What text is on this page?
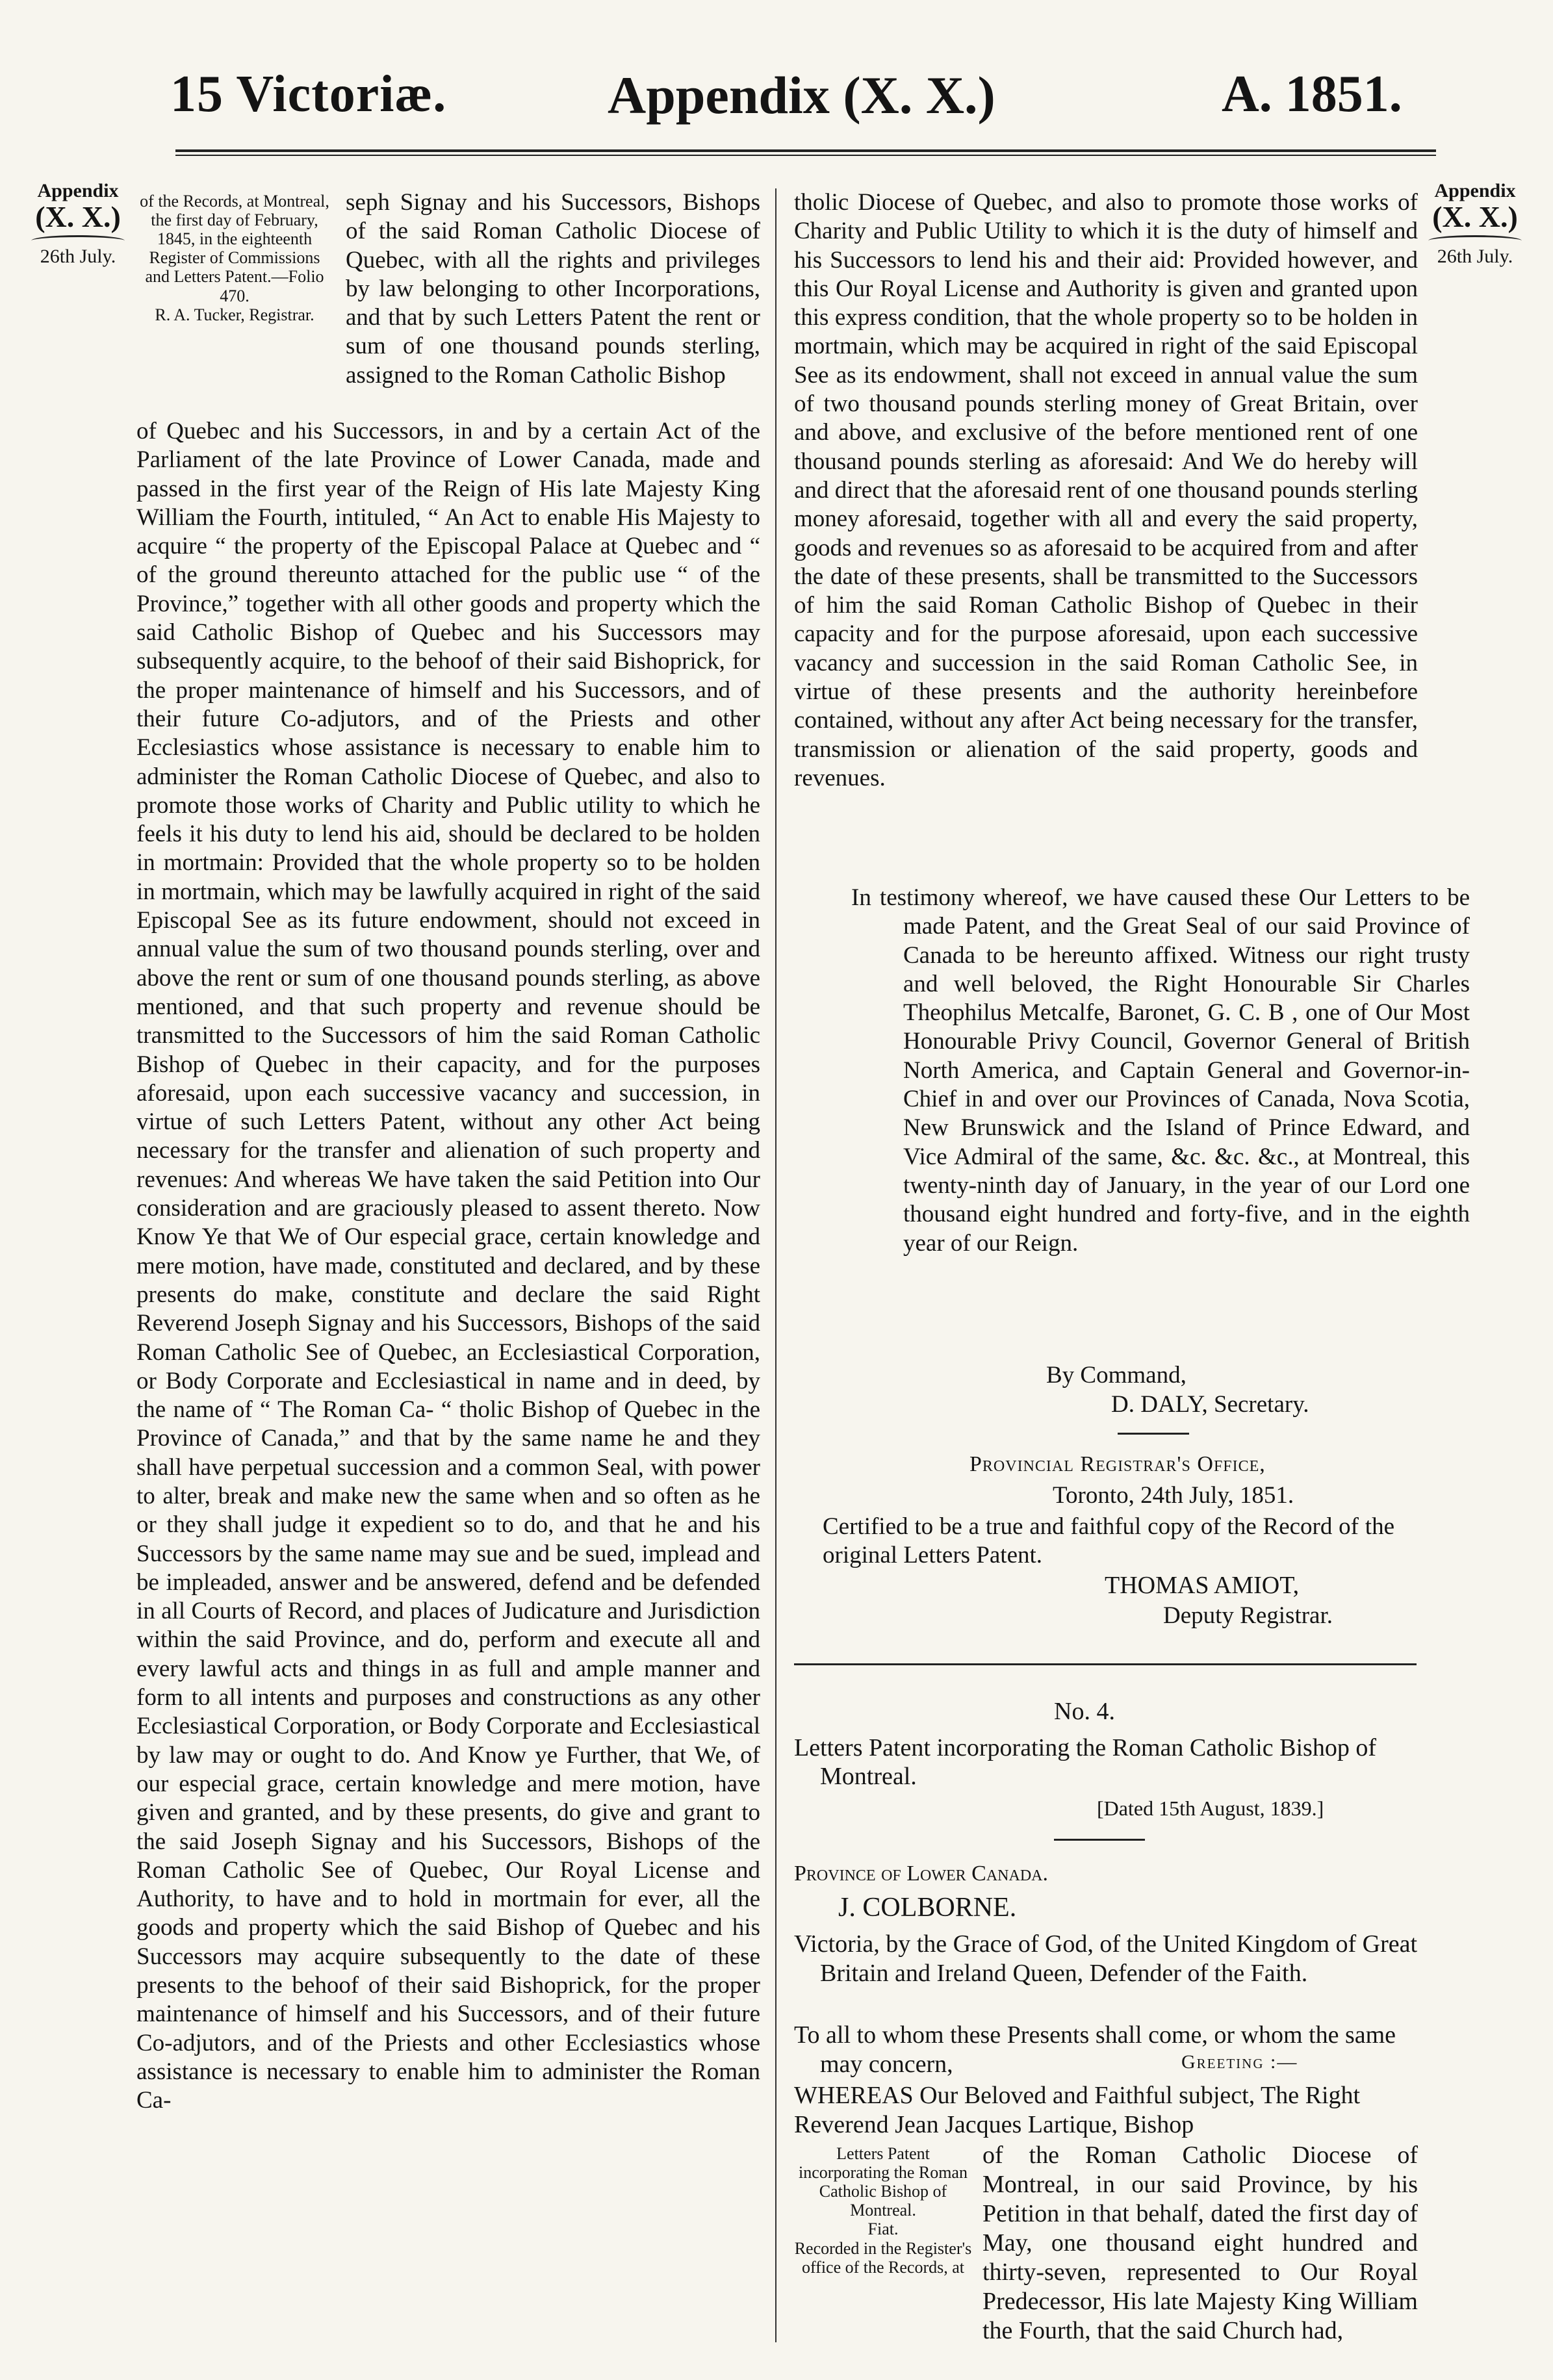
15 Victoriæ.	Appendix (X. X.)	A. 1851.
Appendix
(X. X.)
26th July.
Appendix
(X. X.)
26th July.
of the Records, at Montreal, the first day of February, 1845, in the eighteenth Register of Commissions and Letters Patent.—Folio 470.
R. A. Tucker, Registrar.
seph Signay and his Successors, Bishops of the said Roman Catholic Diocese of Quebec, with all the rights and privileges by law belonging to other Incorporations, and that by such Letters Patent the rent or sum of one thousand pounds sterling, assigned to the Roman Catholic Bishop
of Quebec and his Successors, in and by a certain Act of the Parliament of the late Province of Lower Canada, made and passed in the first year of the Reign of His late Majesty King William the Fourth, intituled, “ An Act to enable His Majesty to acquire “ the property of the Episcopal Palace at Quebec and “ of the ground thereunto attached for the public use “ of the Province,” together with all other goods and property which the said Catholic Bishop of Quebec and his Successors may subsequently acquire, to the behoof of their said Bishoprick, for the proper maintenance of himself and his Successors, and of their future Co-adjutors, and of the Priests and other Ecclesiastics whose assistance is necessary to enable him to administer the Roman Catholic Diocese of Quebec, and also to promote those works of Charity and Public utility to which he feels it his duty to lend his aid, should be declared to be holden in mortmain: Provided that the whole property so to be holden in mortmain, which may be lawfully acquired in right of the said Episcopal See as its future endowment, should not exceed in annual value the sum of two thousand pounds sterling, over and above the rent or sum of one thousand pounds sterling, as above mentioned, and that such property and revenue should be transmitted to the Successors of him the said Roman Catholic Bishop of Quebec in their capacity, and for the purposes aforesaid, upon each successive vacancy and succession, in virtue of such Letters Patent, without any other Act being necessary for the transfer and alienation of such property and revenues: And whereas We have taken the said Petition into Our consideration and are graciously pleased to assent thereto. Now Know Ye that We of Our especial grace, certain knowledge and mere motion, have made, constituted and declared, and by these presents do make, constitute and declare the said Right Reverend Joseph Signay and his Successors, Bishops of the said Roman Catholic See of Quebec, an Ecclesiastical Corporation, or Body Corporate and Ecclesiastical in name and in deed, by the name of “ The Roman Ca- “ tholic Bishop of Quebec in the Province of Canada,” and that by the same name he and they shall have perpetual succession and a common Seal, with power to alter, break and make new the same when and so often as he or they shall judge it expedient so to do, and that he and his Successors by the same name may sue and be sued, implead and be impleaded, answer and be answered, defend and be defended in all Courts of Record, and places of Judicature and Jurisdiction within the said Province, and do, perform and execute all and every lawful acts and things in as full and ample manner and form to all intents and purposes and constructions as any other Ecclesiastical Corporation, or Body Corporate and Ecclesiastical by law may or ought to do. And Know ye Further, that We, of our especial grace, certain knowledge and mere motion, have given and granted, and by these presents, do give and grant to the said Joseph Signay and his Successors, Bishops of the Roman Catholic See of Quebec, Our Royal License and Authority, to have and to hold in mortmain for ever, all the goods and property which the said Bishop of Quebec and his Successors may acquire subsequently to the date of these presents to the behoof of their said Bishoprick, for the proper maintenance of himself and his Successors, and of their future Co-adjutors, and of the Priests and other Ecclesiastics whose assistance is necessary to enable him to administer the Roman Ca-
tholic Diocese of Quebec, and also to promote those works of Charity and Public Utility to which it is the duty of himself and his Successors to lend his and their aid: Provided however, and this Our Royal License and Authority is given and granted upon this express condition, that the whole property so to be holden in mortmain, which may be acquired in right of the said Episcopal See as its endowment, shall not exceed in annual value the sum of two thousand pounds sterling money of Great Britain, over and above, and exclusive of the before mentioned rent of one thousand pounds sterling as aforesaid: And We do hereby will and direct that the aforesaid rent of one thousand pounds sterling money aforesaid, together with all and every the said property, goods and revenues so as aforesaid to be acquired from and after the date of these presents, shall be transmitted to the Successors of him the said Roman Catholic Bishop of Quebec in their capacity and for the purpose aforesaid, upon each successive vacancy and succession in the said Roman Catholic See, in virtue of these presents and the authority hereinbefore contained, without any after Act being necessary for the transfer, transmission or alienation of the said property, goods and revenues.
In testimony whereof, we have caused these Our Letters to be made Patent, and the Great Seal of our said Province of Canada to be hereunto affixed. Witness our right trusty and well beloved, the Right Honourable Sir Charles Theophilus Metcalfe, Baronet, G. C. B , one of Our Most Honourable Privy Council, Governor General of British North America, and Captain General and Governor-in-Chief in and over our Provinces of Canada, Nova Scotia, New Brunswick and the Island of Prince Edward, and Vice Admiral of the same, &c. &c. &c., at Montreal, this twenty-ninth day of January, in the year of our Lord one thousand eight hundred and forty-five, and in the eighth year of our Reign.
By Command,
D. DALY, Secretary.
Provincial Registrar's Office,
Toronto, 24th July, 1851.
Certified to be a true and faithful copy of the Record of the original Letters Patent.
THOMAS AMIOT,
Deputy Registrar.
No. 4.
Letters Patent incorporating the Roman Catholic Bishop of Montreal.
[Dated 15th August, 1839.]
Province of Lower Canada.
J. COLBORNE.
Victoria, by the Grace of God, of the United Kingdom of Great Britain and Ireland Queen, Defender of the Faith.
To all to whom these Presents shall come, or whom the same may concern,	Greeting :—
WHEREAS Our Beloved and Faithful subject, The Right Reverend Jean Jacques Lartique, Bishop
Letters Patent incorporating the Roman Catholic Bishop of Montreal.
Fiat.
Recorded in the Register's office of the Records, at
of the Roman Catholic Diocese of Montreal, in our said Province, by his Petition in that behalf, dated the first day of May, one thousand eight hundred and thirty-seven, represented to Our Royal Predecessor, His late Majesty King William the Fourth, that the said Church had,
